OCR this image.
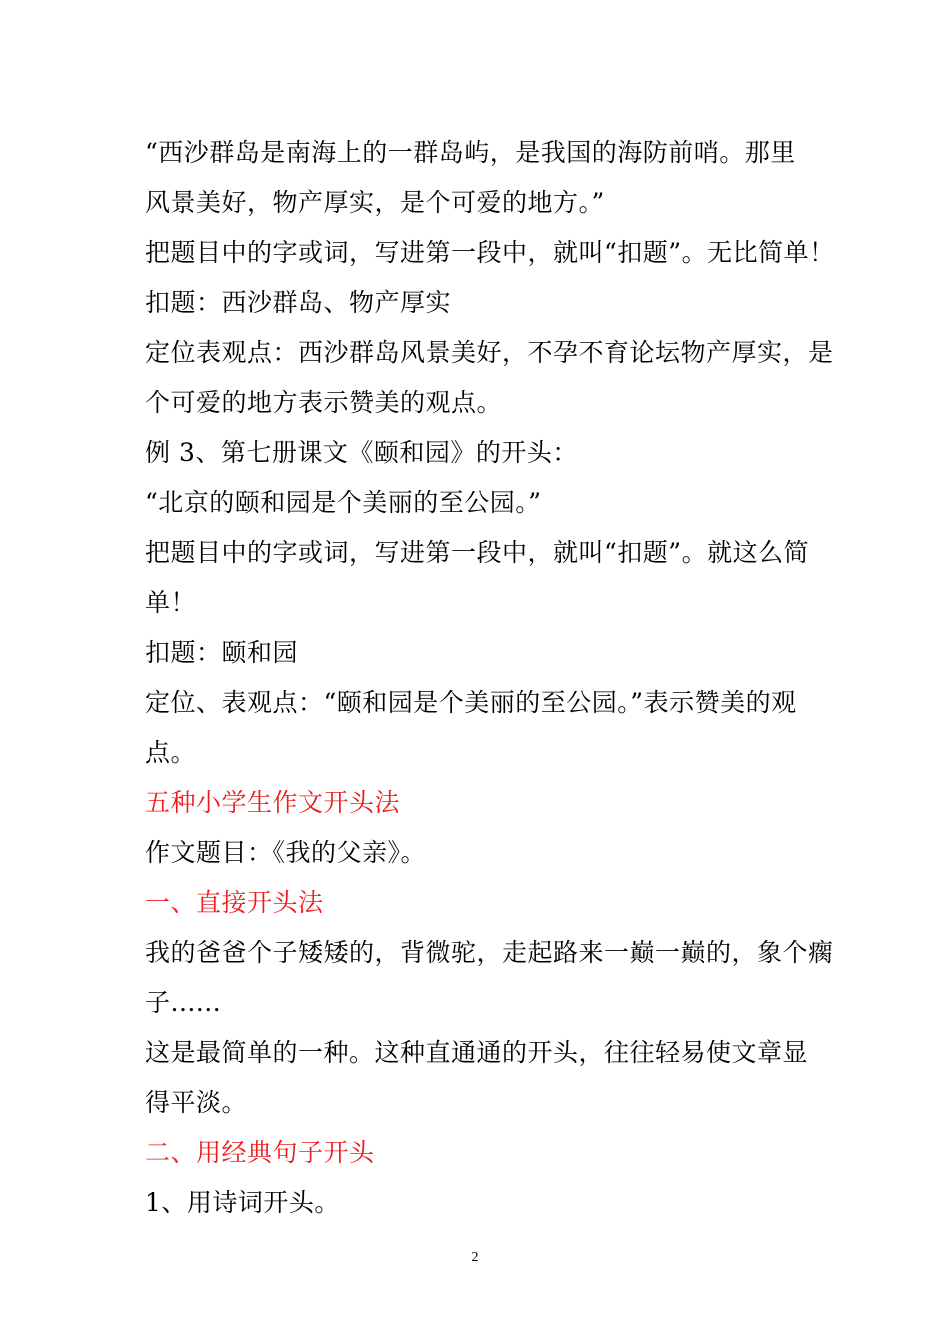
“西沙群岛是南海上的一群岛屿，是我国的海防前哨。那里
风景美好，物产厚实，是个可爱的地方。”
把题目中的字或词，写进第一段中，就叫“扣题”。无比简单！
扣题：西沙群岛、物产厚实
定位表观点：西沙群岛风景美好，不孕不育论坛物产厚实，是
个可爱的地方表示赞美的观点。
例 3、第七册课文《颐和园》的开头：
“北京的颐和园是个美丽的至公园。”
把题目中的字或词，写进第一段中，就叫“扣题”。就这么简
单！
扣题：颐和园
定位、表观点：“颐和园是个美丽的至公园。”表示赞美的观
点。
五种小学生作文开头法
作文题目：《我的父亲》。
一、直接开头法
我的爸爸个子矮矮的，背微驼，走起路来一巅一巅的，象个瘸
子......
这是最简单的一种。这种直通通的开头，往往轻易使文章显
得平淡。
二、用经典句子开头
1、用诗词开头。
2
